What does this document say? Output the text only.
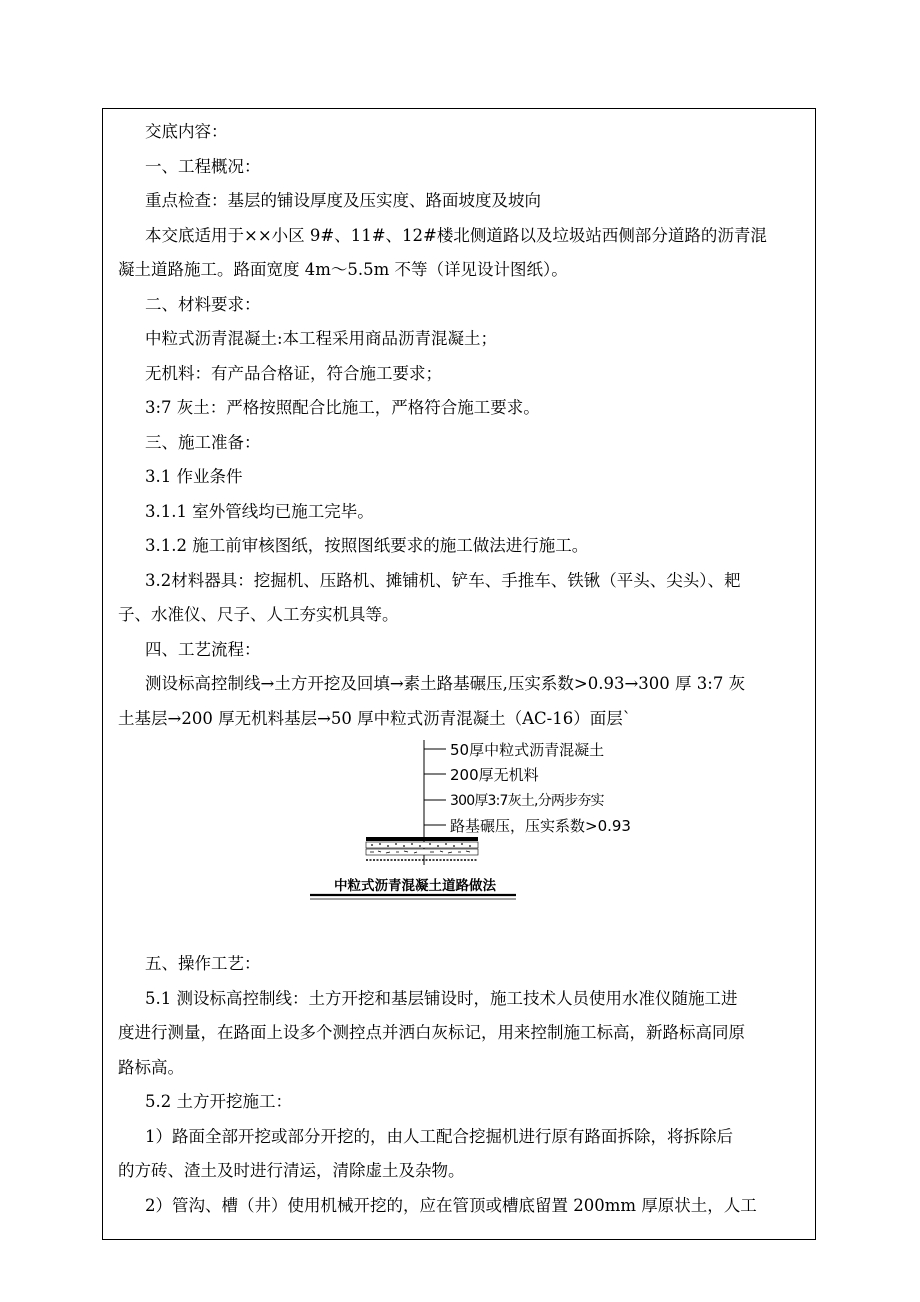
交底内容：
一、工程概况：
重点检查：基层的铺设厚度及压实度、路面坡度及坡向
本交底适用于××小区 9#、11#、12#楼北侧道路以及垃圾站西侧部分道路的沥青混
凝土道路施工。路面宽度 4m～5.5m 不等（详见设计图纸）。
二、材料要求：
中粒式沥青混凝土:本工程采用商品沥青混凝土；
无机料：有产品合格证，符合施工要求；
3:7 灰土：严格按照配合比施工，严格符合施工要求。
三、施工准备：
3.1 作业条件
3.1.1 室外管线均已施工完毕。
3.1.2 施工前审核图纸，按照图纸要求的施工做法进行施工。
3.2材料器具：挖掘机、压路机、摊铺机、铲车、手推车、铁锹（平头、尖头）、耙
子、水准仪、尺子、人工夯实机具等。
四、工艺流程：
测设标高控制线→土方开挖及回填→素土路基碾压,压实系数>0.93→300 厚 3:7 灰
土基层→200 厚无机料基层→50 厚中粒式沥青混凝土（AC-16）面层`
50厚中粒式沥青混凝土
200厚无机料
300厚3:7灰土,分两步夯实
路基碾压，压实系数>0.93
中粒式沥青混凝土道路做法
五、操作工艺：
5.1 测设标高控制线：土方开挖和基层铺设时，施工技术人员使用水准仪随施工进
度进行测量，在路面上设多个测控点并洒白灰标记，用来控制施工标高，新路标高同原
路标高。
5.2 土方开挖施工：
1）路面全部开挖或部分开挖的，由人工配合挖掘机进行原有路面拆除，将拆除后
的方砖、渣土及时进行清运，清除虚土及杂物。
2）管沟、槽（井）使用机械开挖的，应在管顶或槽底留置 200mm 厚原状土，人工
